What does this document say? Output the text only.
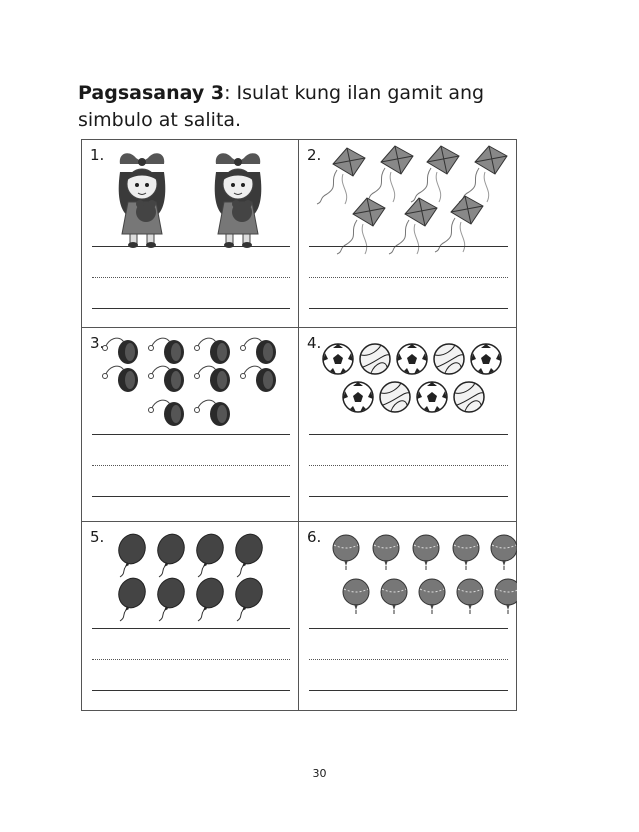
Pagsasanay 3: Isulat kung ilan gamit ang simbulo at salita.
1.	2.
3.	4.
5.	6.
30
